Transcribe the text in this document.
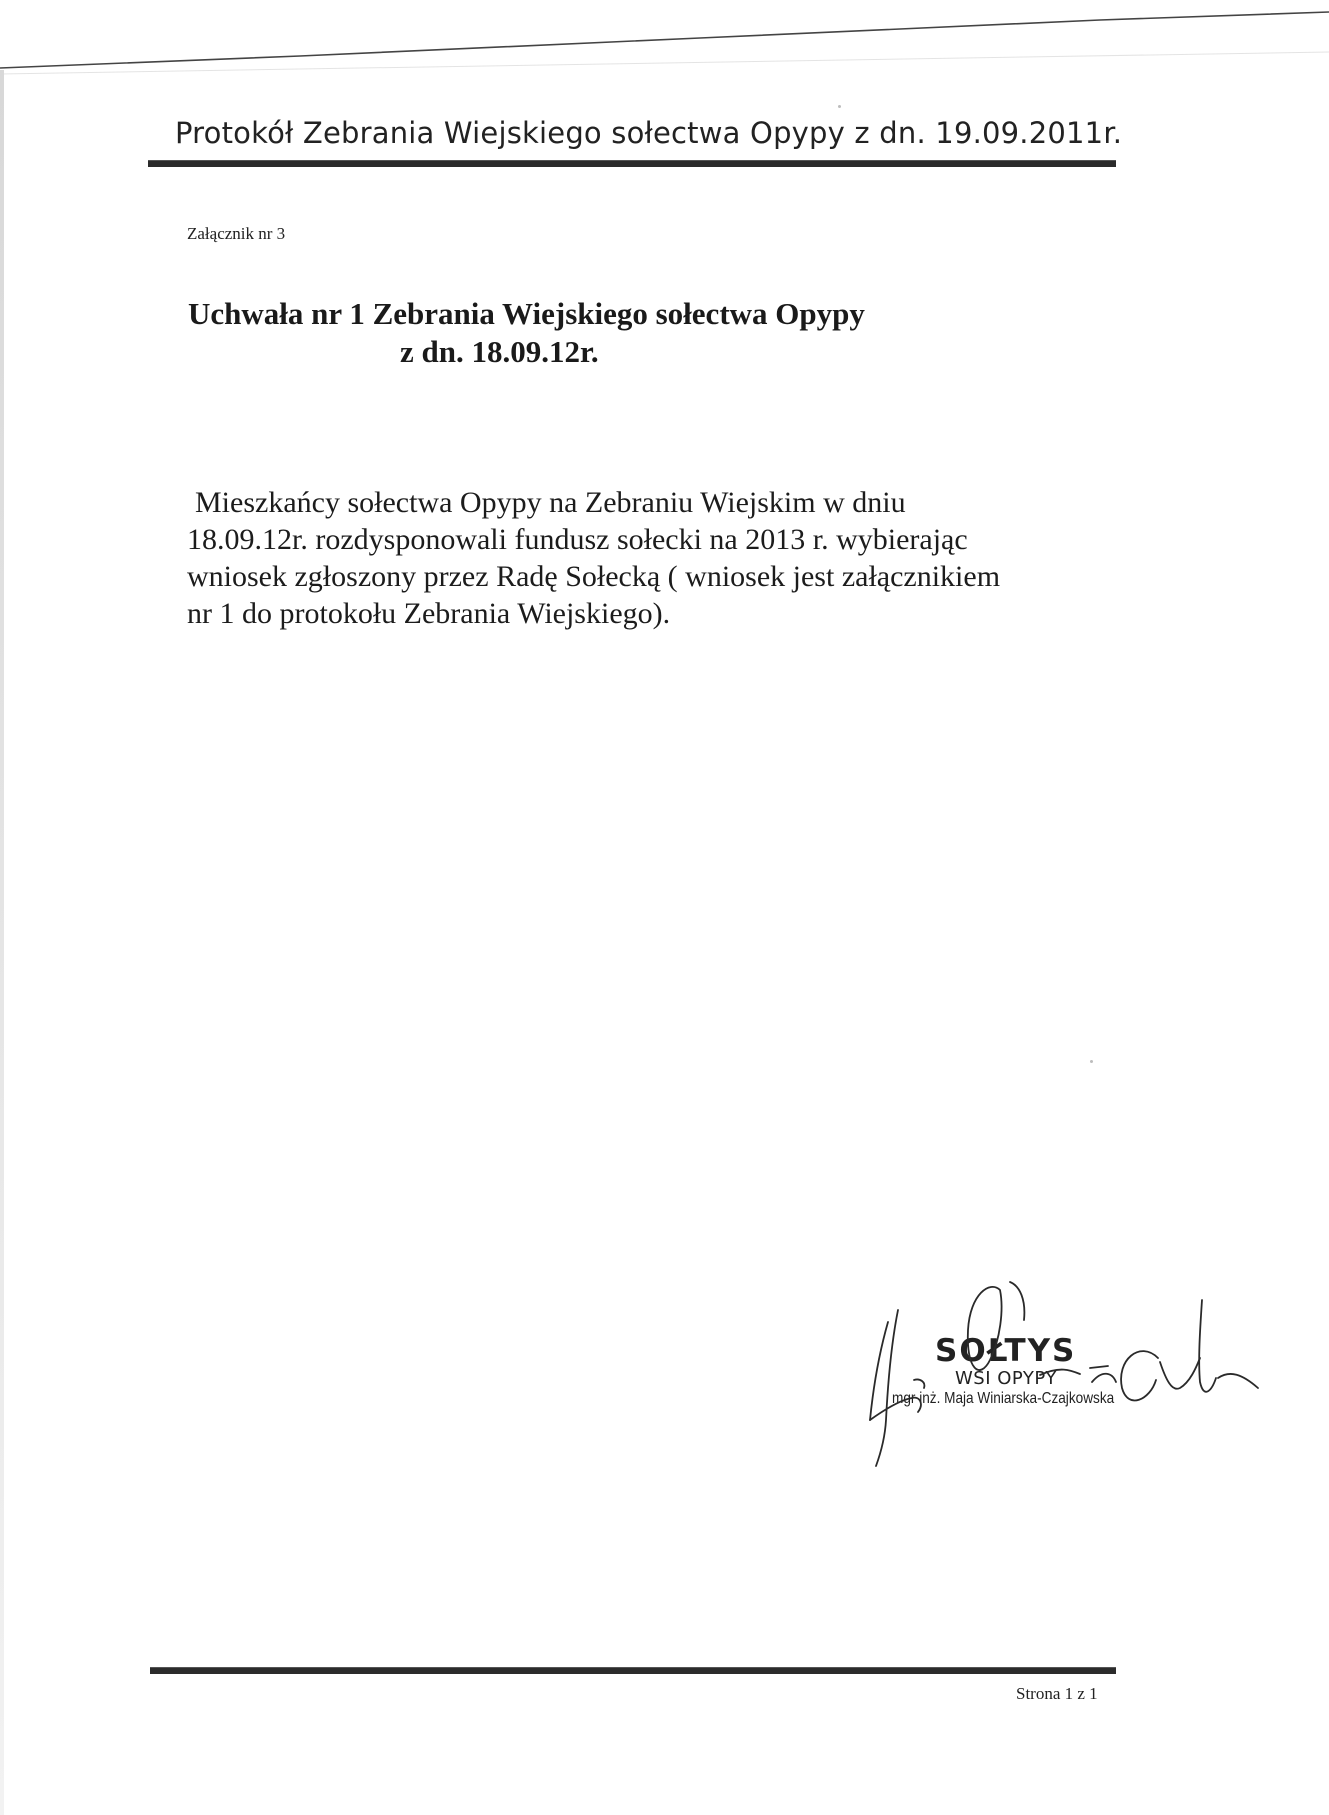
Protokół Zebrania Wiejskiego sołectwa Opypy z dn. 19.09.2011r.
Załącznik nr 3
Uchwała nr 1 Zebrania Wiejskiego sołectwa Opypy
z dn. 18.09.12r.
Mieszkańcy sołectwa Opypy na Zebraniu Wiejskim w dniu
18.09.12r. rozdysponowali fundusz sołecki na 2013 r. wybierając
wniosek zgłoszony przez Radę Sołecką ( wniosek jest załącznikiem
nr 1 do protokołu Zebrania Wiejskiego).
SOŁTYS
WSI OPYPY
mgr inż. Maja Winiarska-Czajkowska
Strona 1 z 1
